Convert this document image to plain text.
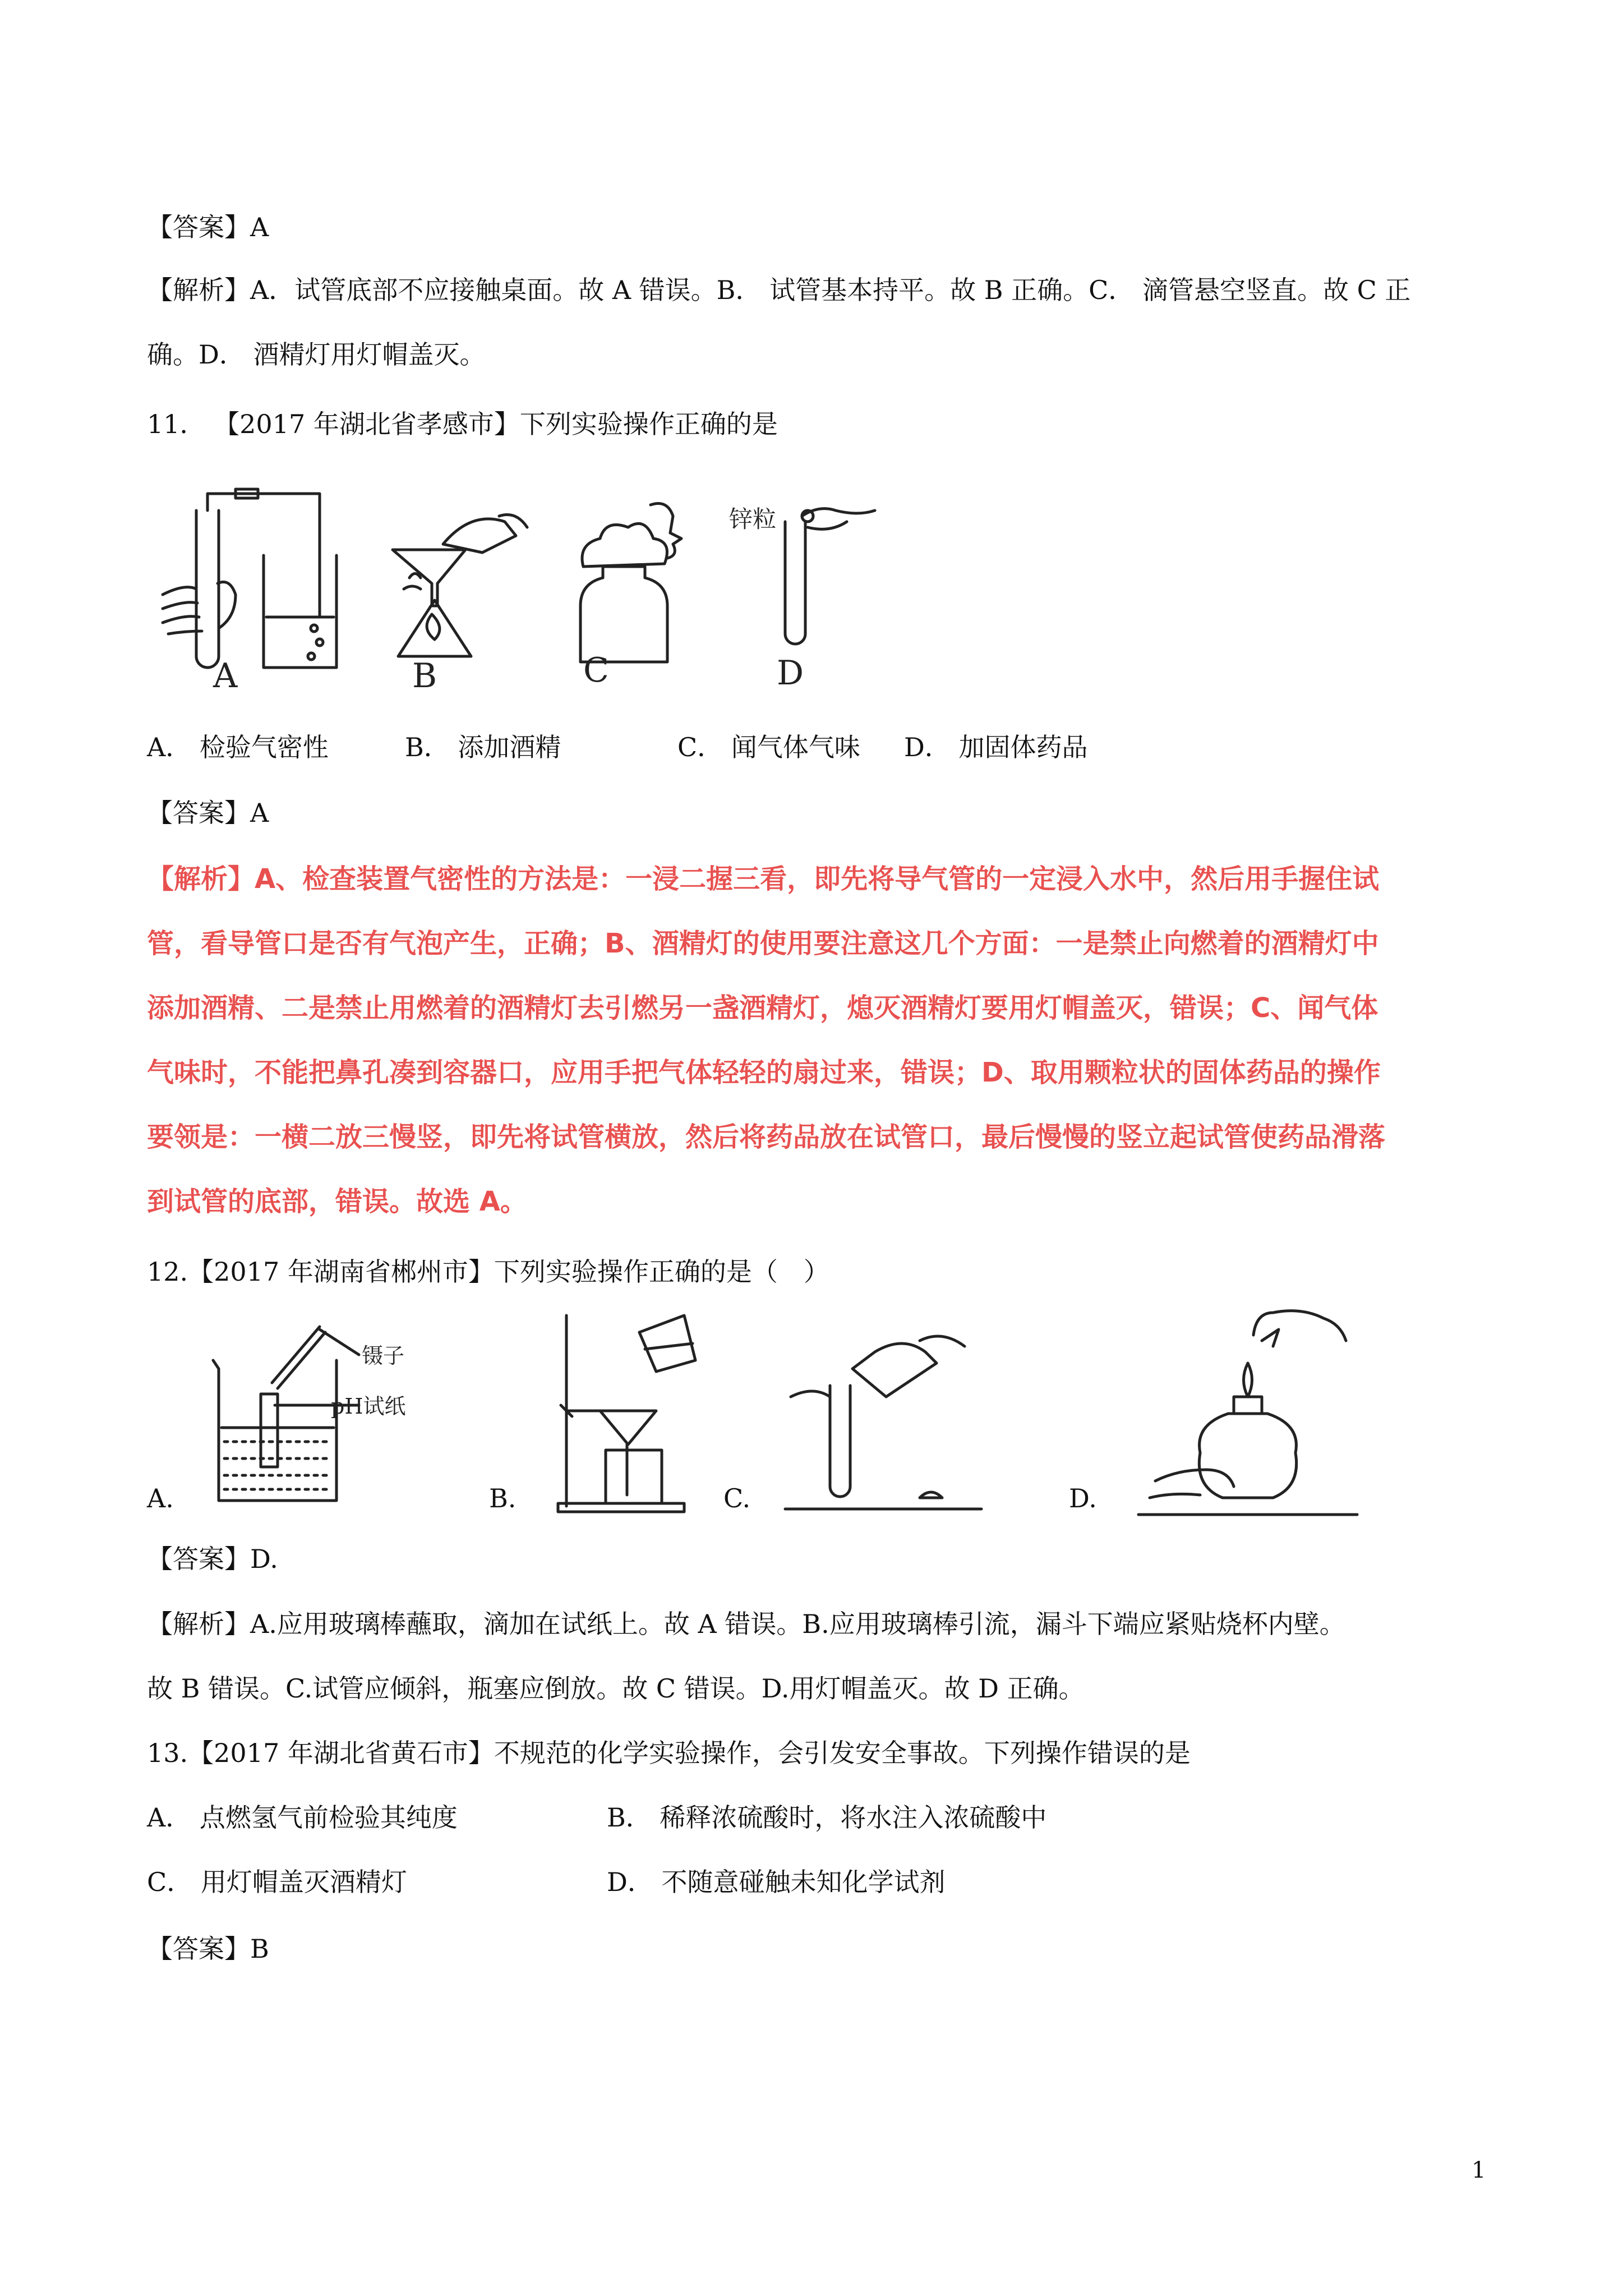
【答案】A
【解析】A．试管底部不应接触桌面。故 A 错误。B． 试管基本持平。故 B 正确。C． 滴管悬空竖直。故 C 正
确。D． 酒精灯用灯帽盖灭。
11． 【2017 年湖北省孝感市】下列实验操作正确的是
A	B	C
锌粒
D
A． 检验气密性	B． 添加酒精	C． 闻气体气味 D． 加固体药品
【答案】A
【解析】A、检查装置气密性的方法是：一浸二握三看，即先将导气管的一定浸入水中，然后用手握住试
管，看导管口是否有气泡产生，正确；B、酒精灯的使用要注意这几个方面：一是禁止向燃着的酒精灯中
添加酒精、二是禁止用燃着的酒精灯去引燃另一盏酒精灯，熄灭酒精灯要用灯帽盖灭，错误；C、闻气体
气味时，不能把鼻孔凑到容器口，应用手把气体轻轻的扇过来，错误；D、取用颗粒状的固体药品的操作
要领是：一横二放三慢竖，即先将试管横放，然后将药品放在试管口，最后慢慢的竖立起试管使药品滑落
到试管的底部，错误。故选 A。
12.【2017 年湖南省郴州市】下列实验操作正确的是（　）
镊子
pH试纸
A.	B.	C.	D.
【答案】D.
【解析】A.应用玻璃棒蘸取，滴加在试纸上。故 A 错误。B.应用玻璃棒引流，漏斗下端应紧贴烧杯内壁。
故 B 错误。C.试管应倾斜，瓶塞应倒放。故 C 错误。D.用灯帽盖灭。故 D 正确。
13.【2017 年湖北省黄石市】不规范的化学实验操作，会引发安全事故。下列操作错误的是
A． 点燃氢气前检验其纯度	B． 稀释浓硫酸时，将水注入浓硫酸中
C． 用灯帽盖灭酒精灯	D． 不随意碰触未知化学试剂
【答案】B
1
